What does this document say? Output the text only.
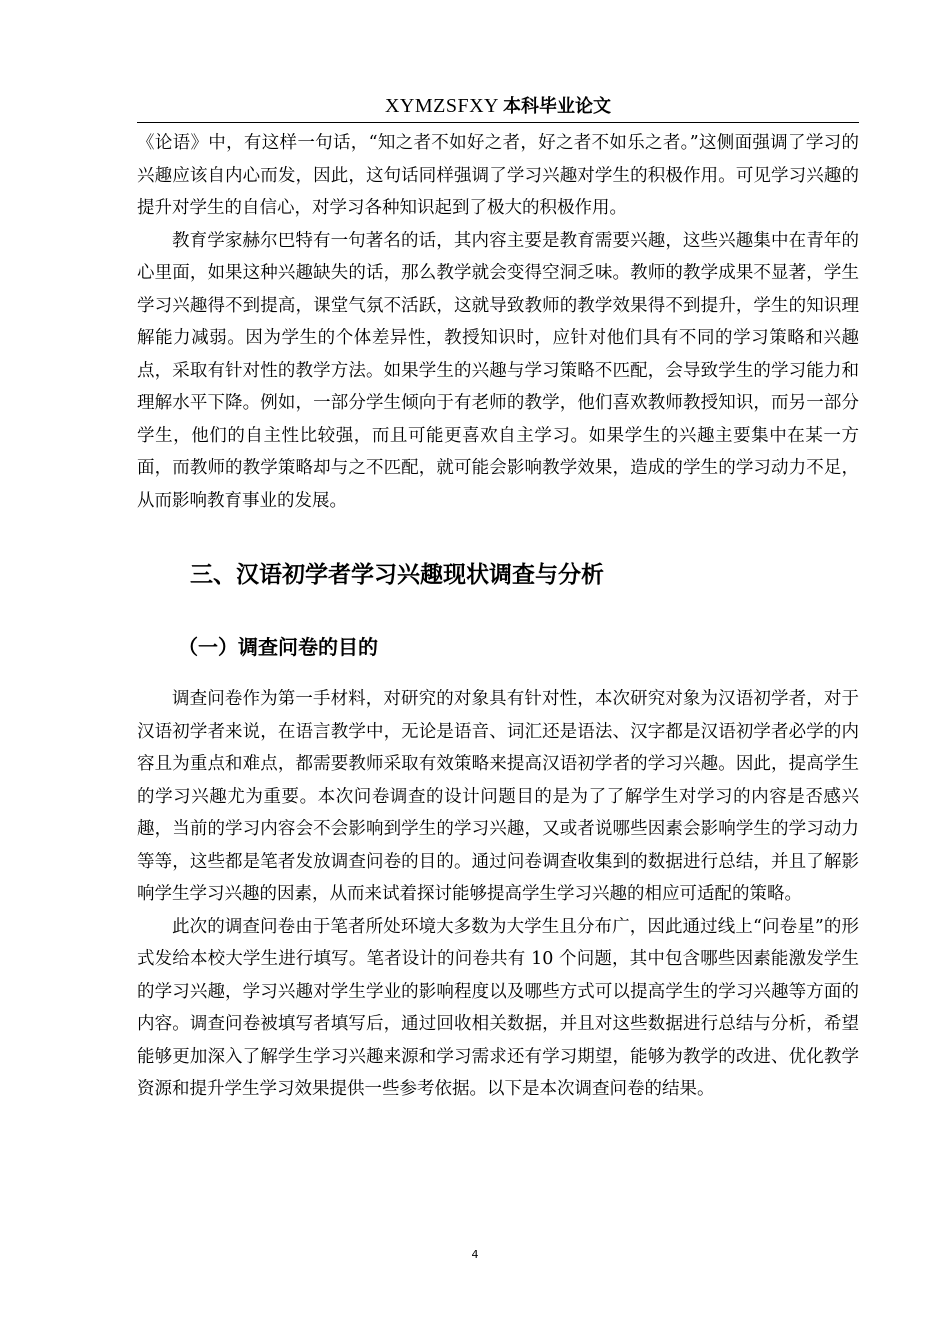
XYMZSFXY 本科毕业论文

《论语》中，有这样一句话，“知之者不如好之者，好之者不如乐之者。”这侧面强调了学习的兴趣应该自内心而发，因此，这句话同样强调了学习兴趣对学生的积极作用。可见学习兴趣的提升对学生的自信心，对学习各种知识起到了极大的积极作用。

教育学家赫尔巴特有一句著名的话，其内容主要是教育需要兴趣，这些兴趣集中在青年的心里面，如果这种兴趣缺失的话，那么教学就会变得空洞乏味。教师的教学成果不显著，学生学习兴趣得不到提高，课堂气氛不活跃，这就导致教师的教学效果得不到提升，学生的知识理解能力减弱。因为学生的个体差异性，教授知识时，应针对他们具有不同的学习策略和兴趣点，采取有针对性的教学方法。如果学生的兴趣与学习策略不匹配，会导致学生的学习能力和理解水平下降。例如，一部分学生倾向于有老师的教学，他们喜欢教师教授知识，而另一部分学生，他们的自主性比较强，而且可能更喜欢自主学习。如果学生的兴趣主要集中在某一方面，而教师的教学策略却与之不匹配，就可能会影响教学效果，造成的学生的学习动力不足，从而影响教育事业的发展。

三、汉语初学者学习兴趣现状调查与分析
（一）调查问卷的目的

调查问卷作为第一手材料，对研究的对象具有针对性，本次研究对象为汉语初学者，对于汉语初学者来说，在语言教学中，无论是语音、词汇还是语法、汉字都是汉语初学者必学的内容且为重点和难点，都需要教师采取有效策略来提高汉语初学者的学习兴趣。因此，提高学生的学习兴趣尤为重要。本次问卷调查的设计问题目的是为了了解学生对学习的内容是否感兴趣，当前的学习内容会不会影响到学生的学习兴趣，又或者说哪些因素会影响学生的学习动力等等，这些都是笔者发放调查问卷的目的。通过问卷调查收集到的数据进行总结，并且了解影响学生学习兴趣的因素，从而来试着探讨能够提高学生学习兴趣的相应可适配的策略。

此次的调查问卷由于笔者所处环境大多数为大学生且分布广，因此通过线上“问卷星”的形式发给本校大学生进行填写。笔者设计的问卷共有 10 个问题，其中包含哪些因素能激发学生的学习兴趣，学习兴趣对学生学业的影响程度以及哪些方式可以提高学生的学习兴趣等方面的内容。调查问卷被填写者填写后，通过回收相关数据，并且对这些数据进行总结与分析，希望能够更加深入了解学生学习兴趣来源和学习需求还有学习期望，能够为教学的改进、优化教学资源和提升学生学习效果提供一些参考依据。以下是本次调查问卷的结果。

4
